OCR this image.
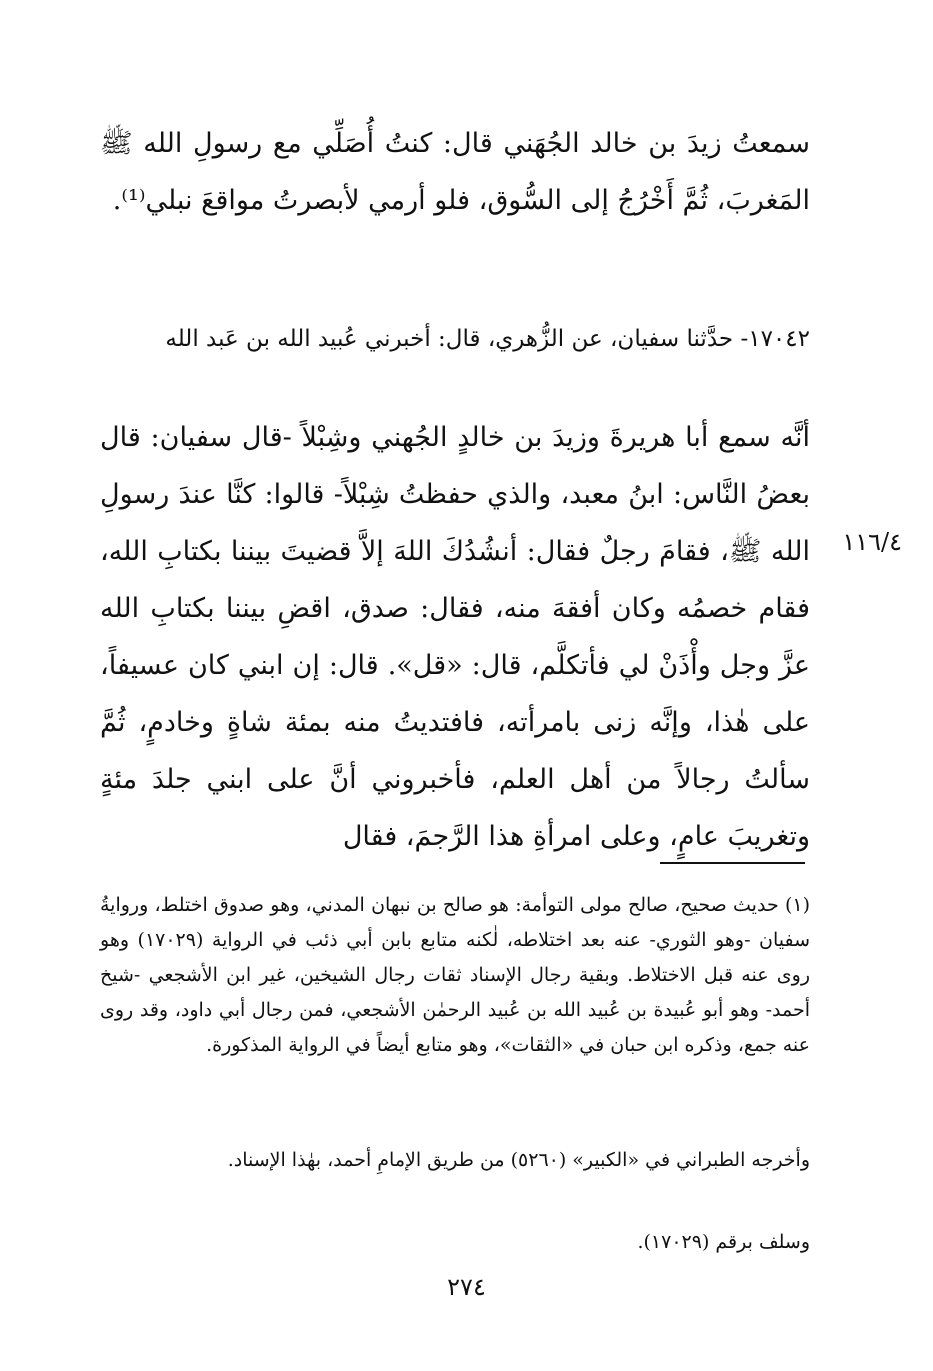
سمعتُ زيدَ بن خالد الجُهَني قال: كنتُ أُصَلِّي مع رسولِ الله ﷺ المَغربَ، ثُمَّ أَخْرُجُ إلى السُّوق، فلو أرمي لأبصرتُ مواقعَ نبلي⁽¹⁾.

١٧٠٤٢- حدَّثنا سفيان، عن الزُّهري، قال: أخبرني عُبيد الله بن عَبد الله

أنَّه سمع أبا هريرةَ وزيدَ بن خالدٍ الجُهني وشِبْلاً -قال سفيان: قال بعضُ النَّاس: ابنُ معبد، والذي حفظتُ شِبْلاً- قالوا: كنَّا عندَ رسولِ الله ﷺ، فقامَ رجلٌ فقال: أنشُدُكَ اللهَ إلاَّ قضيتَ بيننا بكتابِ الله، فقام خصمُه وكان أفقهَ منه، فقال: صدق، اقضِ بيننا بكتابِ الله عزَّ وجل وأْذَنْ لي فأتكلَّم، قال: «قل». قال: إن ابني كان عسيفاً، على هٰذا، وإنَّه زنى بامرأته، فافتديتُ منه بمئة شاةٍ وخادمٍ، ثُمَّ سألتُ رجالاً من أهل العلم، فأخبروني أنَّ على ابني جلدَ مئةٍ وتغريبَ عامٍ، وعلى امرأةِ هذا الرَّجمَ، فقال

١١٦/٤

(١) حديث صحيح، صالح مولى التوأمة: هو صالح بن نبهان المدني، وهو صدوق اختلط، وروايةُ سفيان -وهو الثوري- عنه بعد اختلاطه، لٰكنه متابع بابن أبي ذئب في الرواية (١٧٠٢٩) وهو روى عنه قبل الاختلاط. وبقية رجال الإسناد ثقات رجال الشيخين، غير ابن الأشجعي -شيخ أحمد- وهو أبو عُبيدة بن عُبيد الله بن عُبيد الرحمٰن الأشجعي، فمن رجال أبي داود، وقد روى عنه جمع، وذكره ابن حبان في «الثقات»، وهو متابع أيضاً في الرواية المذكورة.

وأخرجه الطبراني في «الكبير» (٥٢٦٠) من طريق الإمامِ أحمد، بهٰذا الإسناد.

وسلف برقم (١٧٠٢٩).

٢٧٤
